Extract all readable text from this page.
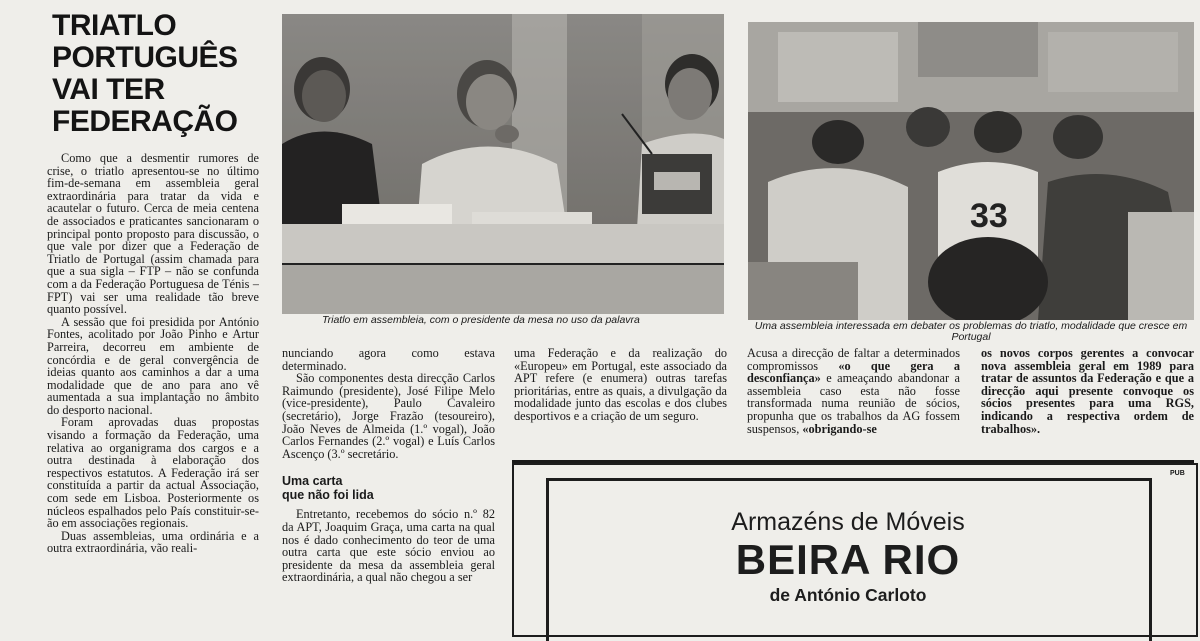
TRIATLO
PORTUGUÊS
VAI TER
FEDERAÇÃO

Como que a desmentir rumores de crise, o triatlo apresentou-se no último fim-de-semana em assembleia geral extraordinária para tratar da vida e acautelar o futuro. Cerca de meia centena de associados e praticantes sancionaram o principal ponto proposto para discussão, o que vale por dizer que a Federação de Triatlo de Portugal (assim chamada para que a sua sigla – FTP – não se confunda com a da Federação Portuguesa de Ténis – FPT) vai ser uma realidade tão breve quanto possível.

A sessão que foi presidida por António Fontes, acolitado por João Pinho e Artur Parreira, decorreu em ambiente de concórdia e de geral convergência de ideias quanto aos caminhos a dar a uma modalidade que de ano para ano vê aumentada a sua implantação no âmbito do desporto nacional.

Foram aprovadas duas propostas visando a formação da Federação, uma relativa ao organigrama dos cargos e a outra destinada à elaboração dos respectivos estatutos. A Federação irá ser constituída a partir da actual Associação, com sede em Lisboa. Posteriormente os núcleos espalhados pelo País constituir-se-ão em associações regionais.

Duas assembleias, uma ordinária e a outra extraordinária, vão reali-

Triatlo em assembleia, com o presidente da mesa no uso da palavra
33
Uma assembleia interessada em debater os problemas do triatlo, modalidade que cresce em Portugal

nunciando agora como estava determinado.

São componentes desta direcção Carlos Raimundo (presidente), José Filipe Melo (vice-presidente), Paulo Cavaleiro (secretário), Jorge Frazão (tesoureiro), João Neves de Almeida (1.º vogal), João Carlos Fernandes (2.º vogal) e Luís Carlos Ascenço (3.º secretário.

Uma carta
que não foi lida

Entretanto, recebemos do sócio n.º 82 da APT, Joaquim Graça, uma carta na qual nos é dado conhecimento do teor de uma outra carta que este sócio enviou ao presidente da mesa da assembleia geral extraordinária, a qual não chegou a ser

uma Federação e da realização do «Europeu» em Portugal, este associado da APT refere (e enumera) outras tarefas prioritárias, entre as quais, a divulgação da modalidade junto das escolas e dos clubes desportivos e a criação de um seguro.

Acusa a direcção de faltar a determinados compromissos «o que gera a desconfiança» e ameaçando abandonar a assembleia caso esta não fosse transformada numa reunião de sócios, propunha que os trabalhos da AG fossem suspensos, «obrigando-se

os novos corpos gerentes a convocar nova assembleia geral em 1989 para tratar de assuntos da Federação e que a direcção aqui presente convoque os sócios presentes para uma RGS, indicando a respectiva ordem de trabalhos».

PUB
Armazéns de Móveis
BEIRA RIO
de António Carloto
